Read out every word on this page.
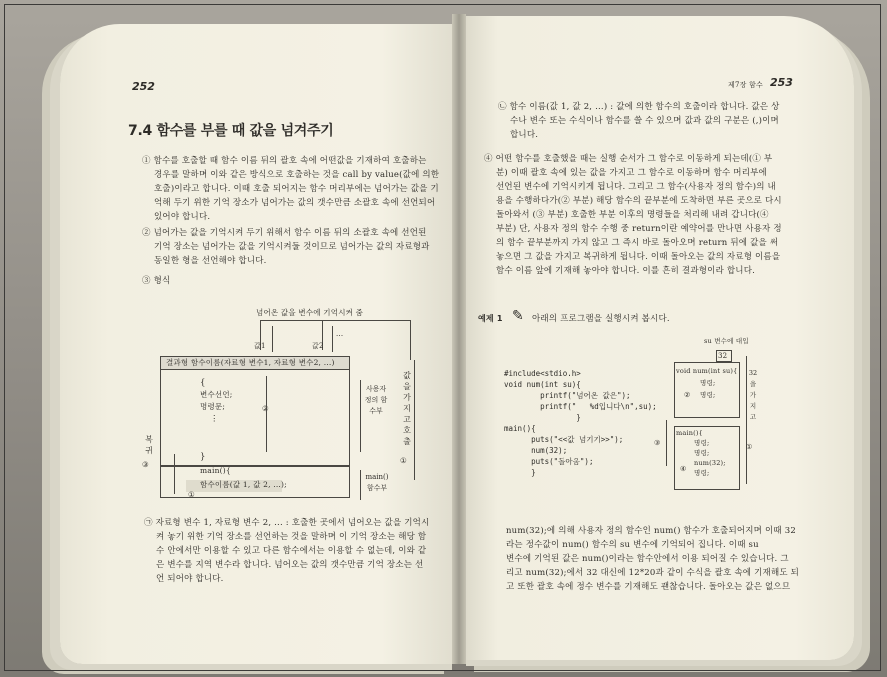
252
7.4 함수를 부를 때 값을 넘겨주기
① 함수를 호출할 때 함수 이름 뒤의 괄호 속에 어떤값을 기재하여 호출하는
경우를 말하며 이와 같은 방식으로 호출하는 것을 call by value(값에 의한
호출)이라고 합니다. 이때 호출 되어지는 함수 머리부에는 넘어가는 값을 기
억해 두기 위한 기억 장소가 넘어가는 값의 갯수만큼 소괄호 속에 선언되어
있어야 합니다.
② 넘어가는 값을 기억시켜 두기 위해서 함수 이름 뒤의 소괄호 속에 선언된
기억 장소는 넘어가는 값을 기억시켜둘 것이므로 넘어가는 값의 자료형과
동일한 형을 선언해야 합니다.
③ 형식
넘어온 값을 변수에 기억시켜 줌
값1	값2
...
결과형 함수이름(자료형 변수1, 자료형 변수2, ...)
{
변수선언;
명령문;
⋮
}
②
main(){
함수이름(값 1, 값 2, ...);
①
복귀
③
사용자 정의 함수부
main() 함수부
값을 가지고 호출
①
㉠ 자료형 변수 1, 자료형 변수 2, ... : 호출한 곳에서 넘어오는 값을 기억시
켜 놓기 위한 기억 장소를 선언하는 것을 말하며 이 기억 장소는 해당 함
수 안에서만 이용할 수 있고 다른 함수에서는 이용할 수 없는데, 이와 같
은 변수를 지역 변수라 합니다. 넘어오는 값의 갯수만큼 기억 장소는 선
언 되어야 합니다.
제7장 함수 253
㉡ 함수 이름(값 1, 값 2, ...) : 값에 의한 함수의 호출이라 합니다. 값은 상
수나 변수 또는 수식이나 함수를 쓸 수 있으며 값과 값의 구분은 (,)이며
합니다.
④ 어떤 함수를 호출했을 때는 실행 순서가 그 함수로 이동하게 되는데(① 부
분) 이때 괄호 속에 있는 값을 가지고 그 함수로 이동하며 함수 머리부에
선언된 변수에 기억시키게 됩니다. 그리고 그 함수(사용자 정의 함수)의 내
용을 수행하다가(② 부분) 해당 함수의 끝부분에 도착하면 부른 곳으로 다시
돌아와서 (③ 부분) 호출한 부분 이후의 명령들을 처리해 내려 갑니다(④
부분) 단, 사용자 정의 함수 수행 중 return이란 예약어를 만나면 사용자 정
의 함수 끝부분까지 가지 않고 그 즉시 바로 돌아오며 return 뒤에 값을 써
놓으면 그 값을 가지고 복귀하게 됩니다. 이때 돌아오는 값의 자료형 이름을
함수 이름 앞에 기재해 놓아야 합니다. 이를 흔히 결과형이라 합니다.
예제 1 ✎ 아래의 프로그램을 실행시켜 봅시다.
#include<stdio.h>
void num(int su){
printf("넘어온 값은");
printf("   %d입니다\n",su);
}
main(){
puts("<<값 넘기기>>");
num(32);
puts("돌아옴");
}
su 변수에 대입
32
void num(int su){
명령;
명령;
②
32 을 가지고
①
main(){
명령;
명령;
num(32);
명령;
③
④
num(32);에 의해 사용자 정의 함수인 num() 함수가 호출되어지며 이때 32
라는 정수값이 num() 함수의 su 변수에 기억되어 집니다. 이때 su
변수에 기억된 값은 num()이라는 함수안에서 이용 되어질 수 있습니다. 그
리고 num(32);에서 32 대신에 12*20과 같이 수식을 괄호 속에 기재해도 되
고 또한 괄호 속에 정수 변수를 기재해도 괜찮습니다. 돌아오는 값은 없으므
